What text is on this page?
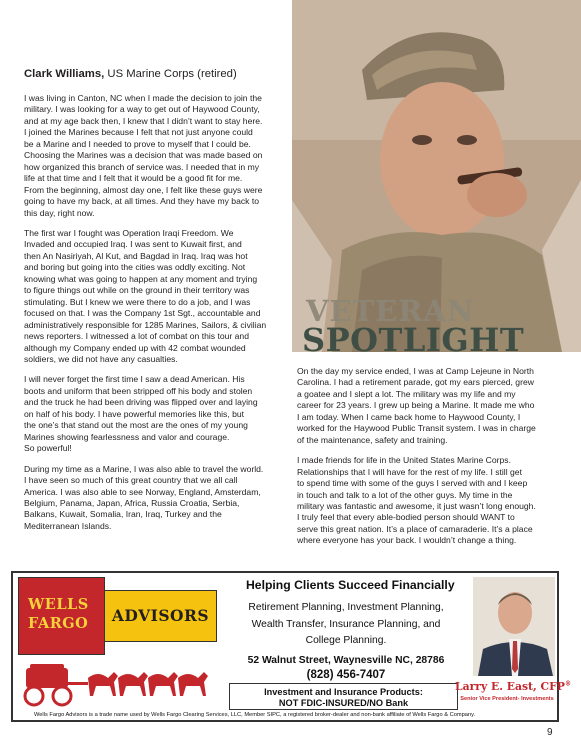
Clark Williams, US Marine Corps (retired)

I was living in Canton, NC when I made the decision to join the
military. I was looking for a way to get out of Haywood County,
and at my age back then, I knew that I didn’t want to stay here.
I joined the Marines because I felt that not just anyone could
be a Marine and I needed to prove to myself that I could be.
Choosing the Marines was a decision that was made based on
how organized this branch of service was. I needed that in my
life at that time and I felt that it would be a good fit for me.
From the beginning, almost day one, I felt like these guys were
going to have my back, at all times. And they have my back to
this day, right now.

The first war I fought was Operation Iraqi Freedom. We
Invaded and occupied Iraq. I was sent to Kuwait first, and
then An Nasiriyah, Al Kut, and Bagdad in Iraq. Iraq was hot
and boring but going into the cities was oddly exciting. Not
knowing what was going to happen at any moment and trying
to figure things out while on the ground in their territory was
stimulating. But I knew we were there to do a job, and I was
focused on that. I was the Company 1st Sgt., accountable and
administratively responsible for 1285 Marines, Sailors, & civilian
news reporters. I witnessed a lot of combat on this tour and
although my Company ended up with 42 combat wounded
soldiers, we did not have any casualties.

I will never forget the first time I saw a dead American. His
boots and uniform that been stripped off his body and stolen
and the truck he had been driving was flipped over and laying
on half of his body. I have powerful memories like this, but
the one’s that stand out the most are the ones of my young
Marines showing fearlessness and valor and courage.
So powerful!

During my time as a Marine, I was also able to travel the world.
I have seen so much of this great country that we all call
America. I was also able to see Norway, England, Amsterdam,
Belgium, Panama, Japan, Africa, Russia Croatia, Serbia,
Balkans, Kuwait, Somalia, Iran, Iraq, Turkey and the
Mediterranean Islands.

VETERAN
SPOTLIGHT

On the day my service ended, I was at Camp Lejeune in North
Carolina. I had a retirement parade, got my ears pierced, grew
a goatee and I slept a lot. The military was my life and my
career for 23 years. I grew up being a Marine. It made me who
I am today. When I came back home to Haywood County, I
worked for the Haywood Public Transit system. I was in charge
of the maintenance, safety and training.

I made friends for life in the United States Marine Corps.
Relationships that I will have for the rest of my life. I still get
to spend time with some of the guys I served with and I keep
in touch and talk to a lot of the other guys. My time in the
military was fantastic and awesome, it just wasn’t long enough.
I truly feel that every able-bodied person should WANT to
serve this great nation. It’s a place of camaraderie. It’s a place
where everyone has your back. I wouldn’t change a thing.

WELLS
FARGO	ADVISORS
Helping Clients Succeed Financially
Retirement Planning, Investment Planning,
Wealth Transfer, Insurance Planning, and
College Planning.
52 Walnut Street, Waynesville NC, 28786
(828) 456-7407
Investment and Insurance Products:
NOT FDIC-INSURED/NO Bank
Larry E. East, CFP®
Senior Vice President- Investments
Wells Fargo Advisors is a trade name used by Wells Fargo Clearing Services, LLC, Member SIPC, a registered broker-dealer and non-bank affiliate of Wells Fargo & Company.
9
